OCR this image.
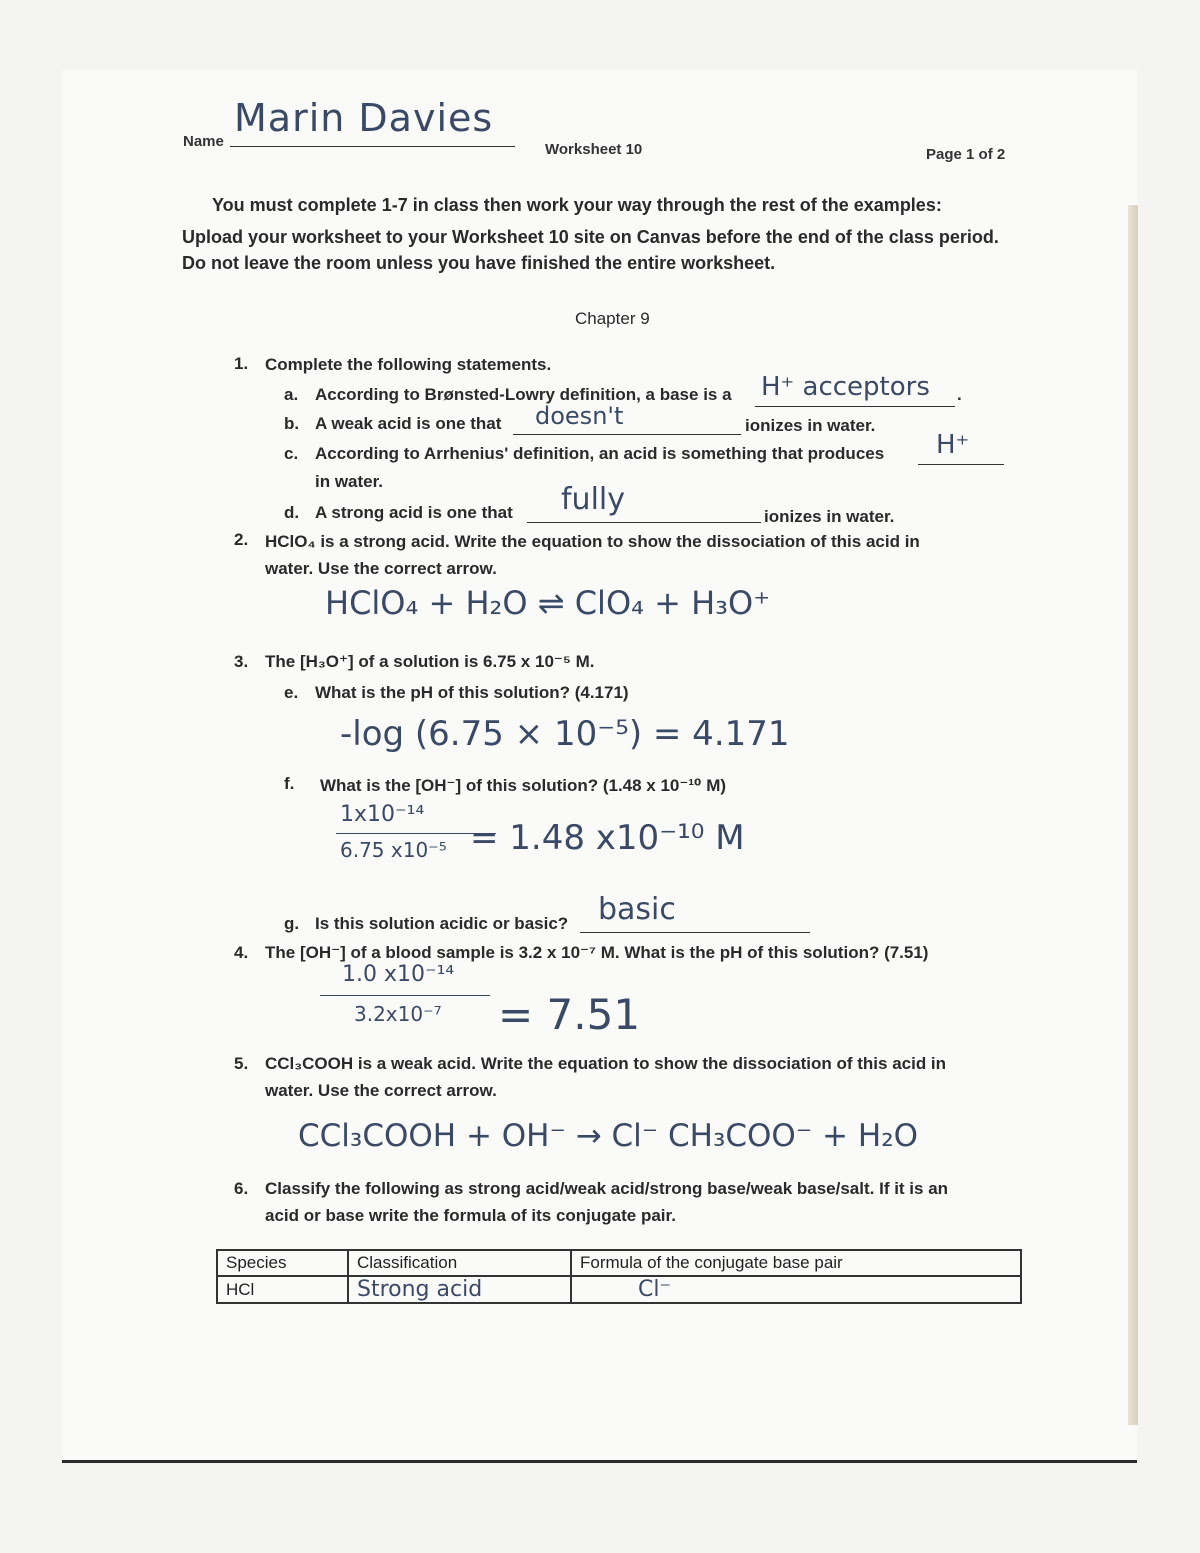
Name
Marin Davies
Worksheet 10	Page 1 of 2
You must complete 1-7 in class then work your way through the rest of the examples:
Upload your worksheet to your Worksheet 10 site on Canvas before the end of the class period.
Do not leave the room unless you have finished the entire worksheet.
Chapter 9
1. Complete the following statements.
a. According to Brønsted-Lowry definition, a base is a H⁺ acceptors .
b. A weak acid is one that doesn't	ionizes in water.
c. According to Arrhenius' definition, an acid is something that produces H⁺
in water.
d. A strong acid is one that fully	ionizes in water.
2. HClO₄ is a strong acid. Write the equation to show the dissociation of this acid in
water. Use the correct arrow.
HClO₄ + H₂O ⇌ ClO₄ + H₃O⁺
3. The [H₃O⁺] of a solution is 6.75 x 10⁻⁵ M.
e. What is the pH of this solution? (4.171)
-log (6.75 × 10⁻⁵) = 4.171
f. What is the [OH⁻] of this solution? (1.48 x 10⁻¹⁰ M)
1x10⁻¹⁴
6.75 x10⁻⁵ = 1.48 x10⁻¹⁰ M
g. Is this solution acidic or basic? basic
4. The [OH⁻] of a blood sample is 3.2 x 10⁻⁷ M. What is the pH of this solution? (7.51)
1.0 x10⁻¹⁴
3.2x10⁻⁷ = 7.51
5. CCl₃COOH is a weak acid. Write the equation to show the dissociation of this acid in
water. Use the correct arrow.
CCl₃COOH + OH⁻ → Cl⁻ CH₃COO⁻ + H₂O
6. Classify the following as strong acid/weak acid/strong base/weak base/salt. If it is an
acid or base write the formula of its conjugate pair.
Species	Classification	Formula of the conjugate base pair
HCl	Strong acid	Cl⁻
